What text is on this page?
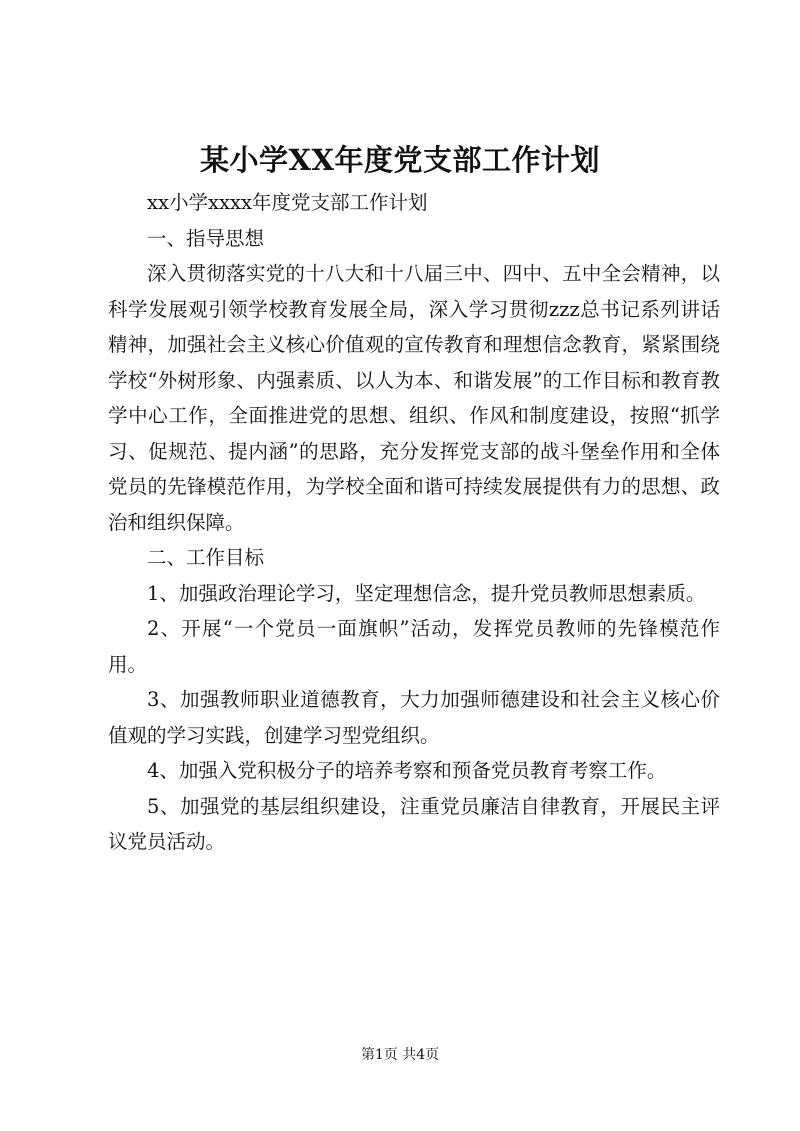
某小学XX年度党支部工作计划

xx小学xxxx年度党支部工作计划

一、指导思想

深入贯彻落实党的十八大和十八届三中、四中、五中全会精神，以科学发展观引领学校教育发展全局，深入学习贯彻zzz总书记系列讲话精神，加强社会主义核心价值观的宣传教育和理想信念教育，紧紧围绕学校“外树形象、内强素质、以人为本、和谐发展”的工作目标和教育教学中心工作，全面推进党的思想、组织、作风和制度建设，按照“抓学习、促规范、提内涵”的思路，充分发挥党支部的战斗堡垒作用和全体党员的先锋模范作用，为学校全面和谐可持续发展提供有力的思想、政治和组织保障。

二、工作目标

1、加强政治理论学习，坚定理想信念，提升党员教师思想素质。

2、开展“一个党员一面旗帜”活动，发挥党员教师的先锋模范作用。

3、加强教师职业道德教育，大力加强师德建设和社会主义核心价值观的学习实践，创建学习型党组织。

4、加强入党积极分子的培养考察和预备党员教育考察工作。

5、加强党的基层组织建设，注重党员廉洁自律教育，开展民主评议党员活动。

第1页 共4页
